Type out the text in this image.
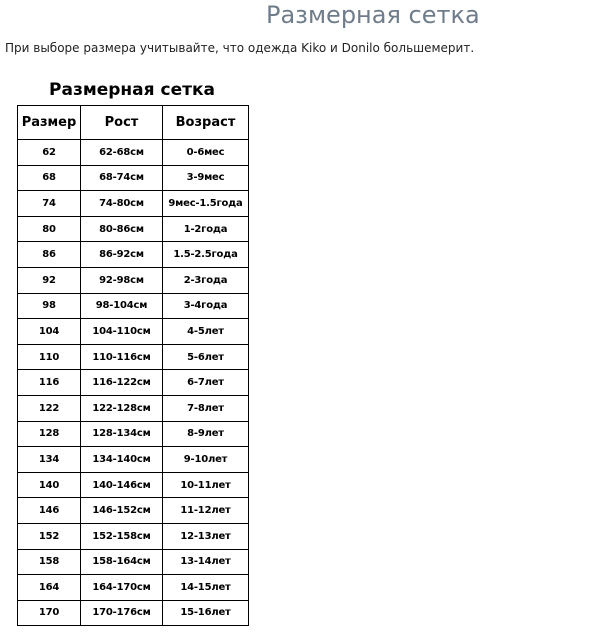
Размерная сетка
При выборе размера учитывайте, что одежда Kiko и Donilo большемерит.
Размерная сетка
Размер	Рост	Возраст
62	62-68см	0-6мес
68	68-74см	3-9мес
74	74-80см	9мес-1.5года
80	80-86см	1-2года
86	86-92см	1.5-2.5года
92	92-98см	2-3года
98	98-104см	3-4года
104	104-110см	4-5лет
110	110-116см	5-6лет
116	116-122см	6-7лет
122	122-128см	7-8лет
128	128-134см	8-9лет
134	134-140см	9-10лет
140	140-146см	10-11лет
146	146-152см	11-12лет
152	152-158см	12-13лет
158	158-164см	13-14лет
164	164-170см	14-15лет
170	170-176см	15-16лет
